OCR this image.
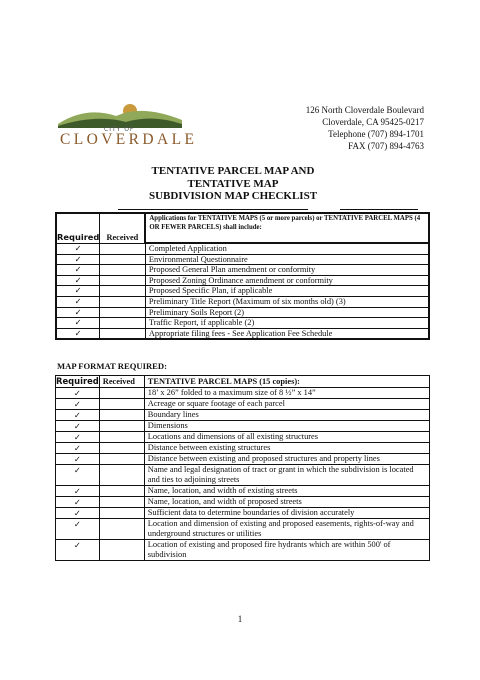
CITY OF
CLOVERDALE
126 North Cloverdale Boulevard
Cloverdale, CA 95425-0217
Telephone (707) 894-1701
FAX (707) 894-4763
TENTATIVE PARCEL MAP AND
TENTATIVE MAP
SUBDIVISION MAP CHECKLIST
Required	Received	Applications for TENTATIVE MAPS (5 or more parcels) or TENTATIVE PARCEL MAPS (4 OR FEWER PARCELS) shall include:
✓		Completed Application
✓		Environmental Questionnaire
✓		Proposed General Plan amendment or conformity
✓		Proposed Zoning Ordinance amendment or conformity
✓		Proposed Specific Plan, if applicable
✓		Preliminary Title Report (Maximum of six months old) (3)
✓		Preliminary Soils Report (2)
✓		Traffic Report, if applicable (2)
✓		Appropriate filing fees - See Application Fee Schedule
MAP FORMAT REQUIRED:
Required	Received	TENTATIVE PARCEL MAPS (15 copies):
✓		18’ x 26” folded to a maximum size of 8 ½” x 14”
✓		Acreage or square footage of each parcel
✓		Boundary lines
✓		Dimensions
✓		Locations and dimensions of all existing structures
✓		Distance between existing structures
✓		Distance between existing and proposed structures and property lines
✓		Name and legal designation of tract or grant in which the subdivision is located and ties to adjoining streets
✓		Name, location, and width of existing streets
✓		Name, location, and width of proposed streets
✓		Sufficient data to determine boundaries of division accurately
✓		Location and dimension of existing and proposed easements, rights-of-way and underground structures or utilities
✓		Location of existing and proposed fire hydrants which are within 500' of subdivision
1
